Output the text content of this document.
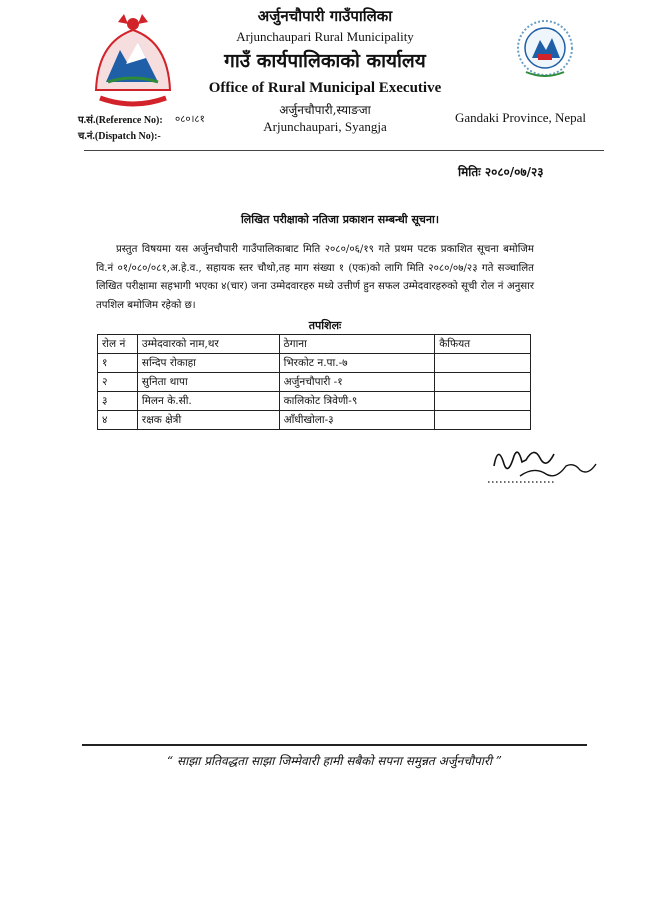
अर्जुनचौपारी गाउँपालिका
Arjunchaupari Rural Municipality
गाउँ कार्यपालिकाको कार्यालय
Office of Rural Municipal Executive
अर्जुनचौपारी,स्याङजा
Arjunchaupari, Syangja
Gandaki Province, Nepal
प.सं.(Reference No): ०८०।८१
च.नं.(Dispatch No):-
मितिः २०८०/०७/२३
लिखित परीक्षाको नतिजा प्रकाशन सम्बन्धी सूचना।

प्रस्तुत विषयमा यस अर्जुनचौपारी गाउँपालिकाबाट मिति २०८०/०६/१९ गते प्रथम पटक प्रकाशित सूचना बमोजिम वि.नं ०१/०८०/०८१,अ.हे.व., सहायक स्तर चौथो,तह माग संख्या १ (एक)को लागि मिति २०८०/०७/२३ गते सञ्चालित लिखित परीक्षामा सहभागी भएका ४(चार) जना उम्मेदवारहरु मध्ये उत्तीर्ण हुन सफल उम्मेदवारहरुको सूची रोल नं अनुसार तपशिल बमोजिम रहेको छ।

तपशिलः
रोल नं	उम्मेदवारको नाम,थर	ठेगाना	कैफियत
१	सन्दिप रोकाहा	भिरकोट न.पा.-७	
२	सुनिता थापा	अर्जुनचौपारी -१	
३	मिलन के.सी.	कालिकोट त्रिवेणी-९	
४	रक्षक क्षेत्री	आँधीखोला-३	
“ साझा प्रतिवद्धता साझा जिम्मेवारी हामी सबैको सपना समुन्नत अर्जुनचौपारी ”
